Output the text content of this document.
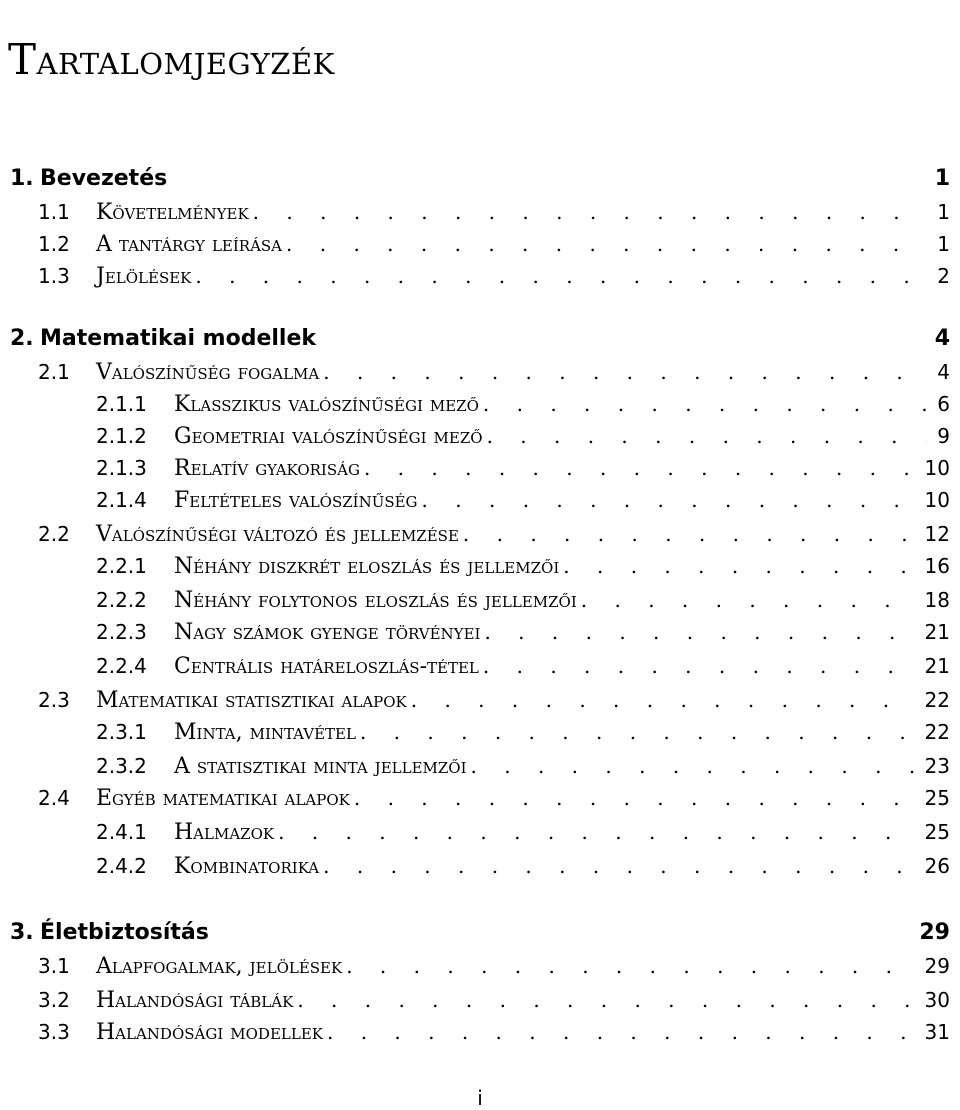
Tartalomjegyzék
1. Bevezetés	1
1.1	Követelmények . . .	1
1.2	A tantárgy leírása . . .	1
1.3	Jelölések . . .	2
2. Matematikai modellek	4
2.1	Valószínűség fogalma . . .	4
2.1.1	Klasszikus valószínűségi mező . . .	6
2.1.2	Geometriai valószínűségi mező . . .	9
2.1.3	Relatív gyakoriság . . .	10
2.1.4	Feltételes valószínűség . . .	10
2.2	Valószínűségi változó és jellemzése . . .	12
2.2.1	Néhány diszkrét eloszlás és jellemzői . . .	16
2.2.2	Néhány folytonos eloszlás és jellemzői . . .	18
2.2.3	Nagy számok gyenge törvényei . . .	21
2.2.4	Centrális határeloszlás-tétel . . .	21
2.3	Matematikai statisztikai alapok . . .	22
2.3.1	Minta, mintavétel . . .	22
2.3.2	A statisztikai minta jellemzői . . .	23
2.4	Egyéb matematikai alapok . . .	25
2.4.1	Halmazok . . .	25
2.4.2	Kombinatorika . . .	26
3. Életbiztosítás	29
3.1	Alapfogalmak, jelölések . . .	29
3.2	Halandósági táblák . . .	30
3.3	Halandósági modellek . . .	31
i
